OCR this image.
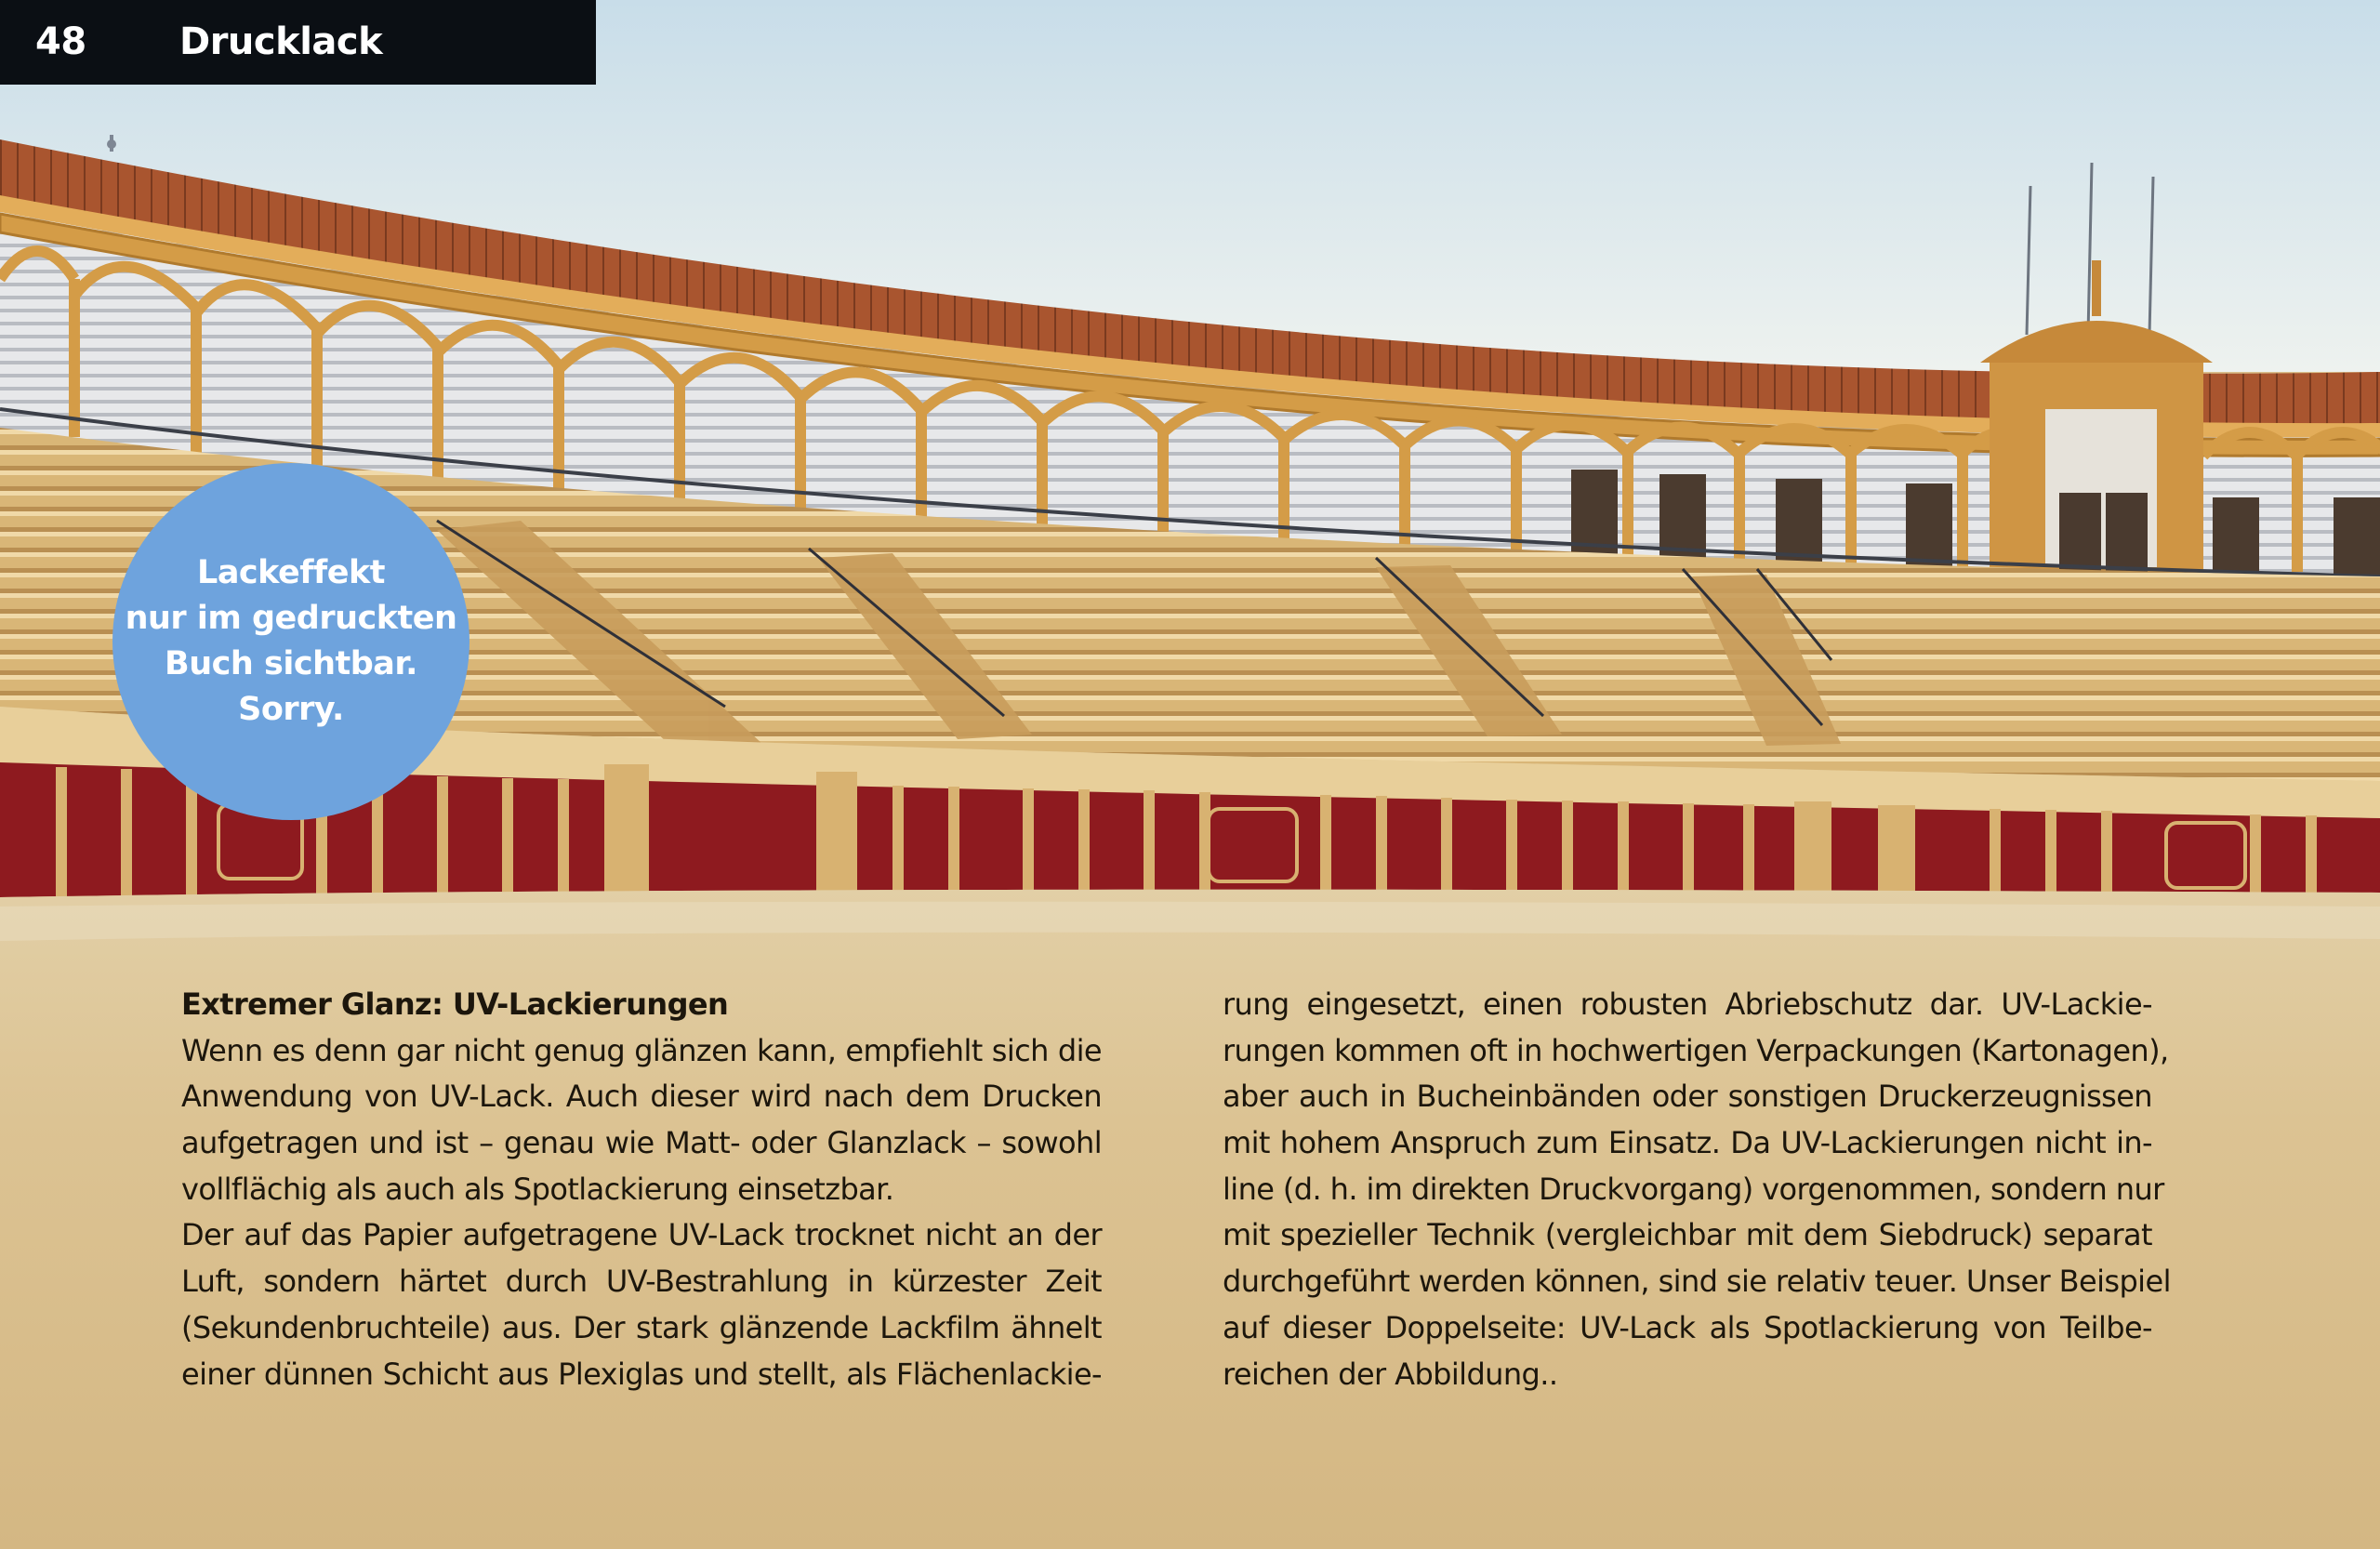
48	Drucklack
Lackeffekt
nur im gedruckten
Buch sichtbar.
Sorry.
Extremer Glanz: UV-Lackierungen
Wenn es denn gar nicht genug glänzen kann, empfiehlt sich die
Anwendung von UV-Lack. Auch dieser wird nach dem Drucken
aufgetragen und ist – genau wie Matt- oder Glanzlack – sowohl
vollflächig als auch als Spotlackierung einsetzbar.
Der auf das Papier aufgetragene UV-Lack trocknet nicht an der
Luft, sondern härtet durch UV-Bestrahlung in kürzester Zeit
(Sekundenbruchteile) aus. Der stark glänzende Lackfilm ähnelt
einer dünnen Schicht aus Plexiglas und stellt, als Flächenlackie-
rung eingesetzt, einen robusten Abriebschutz dar. UV-Lackie-
rungen kommen oft in hochwertigen Verpackungen (Kartonagen),
aber auch in Bucheinbänden oder sonstigen Druckerzeugnissen
mit hohem Anspruch zum Einsatz. Da UV-Lackierungen nicht in-
line (d. h. im direkten Druckvorgang) vorgenommen, sondern nur
mit spezieller Technik (vergleichbar mit dem Siebdruck) separat
durchgeführt werden können, sind sie relativ teuer. Unser Beispiel
auf dieser Doppelseite: UV-Lack als Spotlackierung von Teilbe-
reichen der Abbildung..
